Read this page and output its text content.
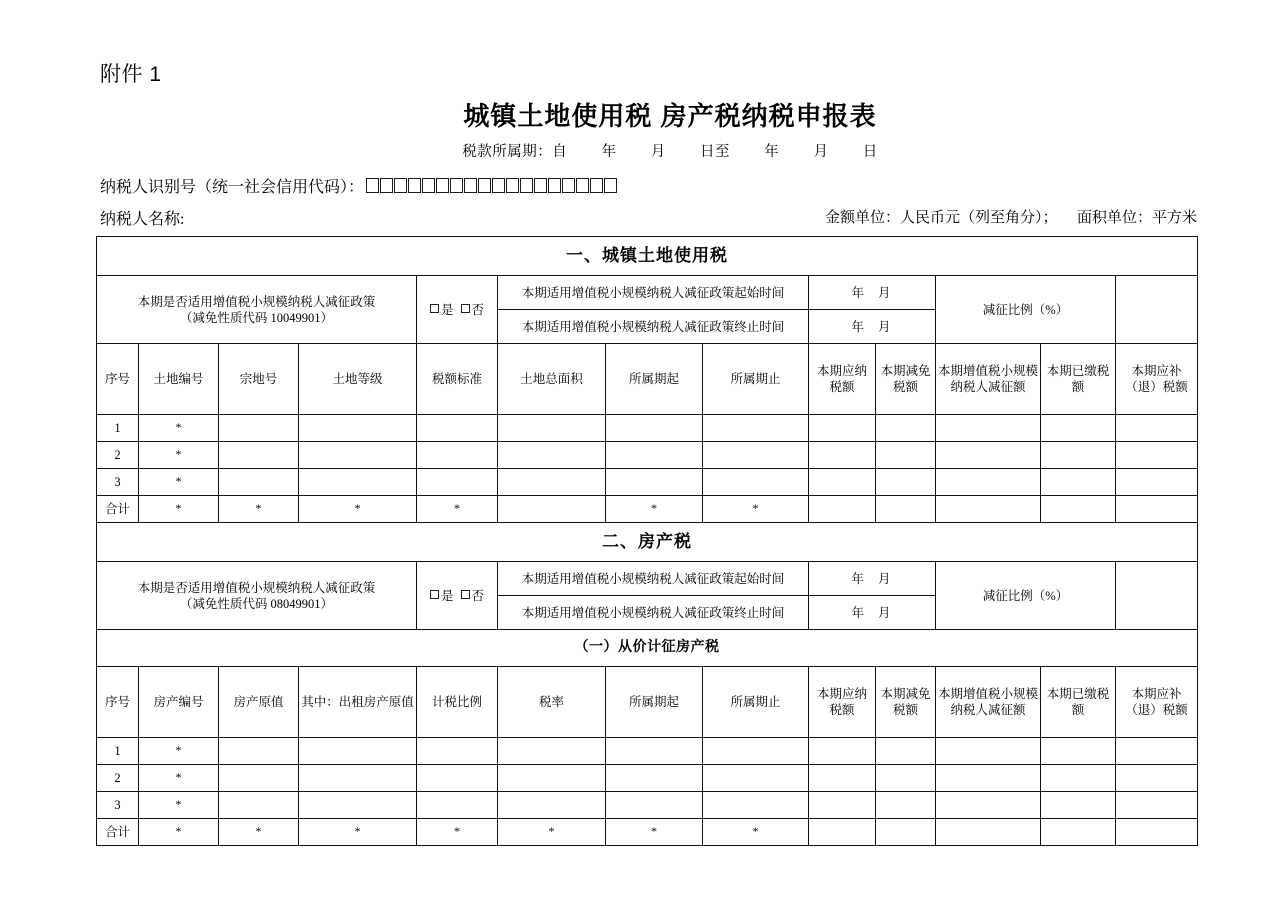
附件 1
城镇土地使用税 房产税纳税申报表
税款所属期：自 年 月 日至 年 月 日
纳税人识别号（统一社会信用代码）：
纳税人名称:	金额单位：人民币元（列至角分）； 面积单位：平方米
一、城镇土地使用税												
本期是否适用增值税小规模纳税人减征政策
（减免性质代码 10049901）				是 否	本期适用增值税小规模纳税人减征政策起始时间			年 月		减征比例（%）		
					本期适用增值税小规模纳税人减征政策终止时间			年 月				
序号	土地编号	宗地号	土地等级	税额标准	土地总面积	所属期起	所属期止	本期应纳税额	本期减免税额	本期增值税小规模纳税人减征额	本期已缴税额	本期应补（退）税额
1	*											
2	*											
3	*											
合计	*	*	*	*		*	*					
二、房产税												
本期是否适用增值税小规模纳税人减征政策
（减免性质代码 08049901）				是 否	本期适用增值税小规模纳税人减征政策起始时间			年 月		减征比例（%）		
					本期适用增值税小规模纳税人减征政策终止时间			年 月				
（一）从价计征房产税												
序号	房产编号	房产原值	其中：出租房产原值	计税比例	税率	所属期起	所属期止	本期应纳税额	本期减免税额	本期增值税小规模纳税人减征额	本期已缴税额	本期应补（退）税额
1	*											
2	*											
3	*											
合计	*	*	*	*	*	*	*					
